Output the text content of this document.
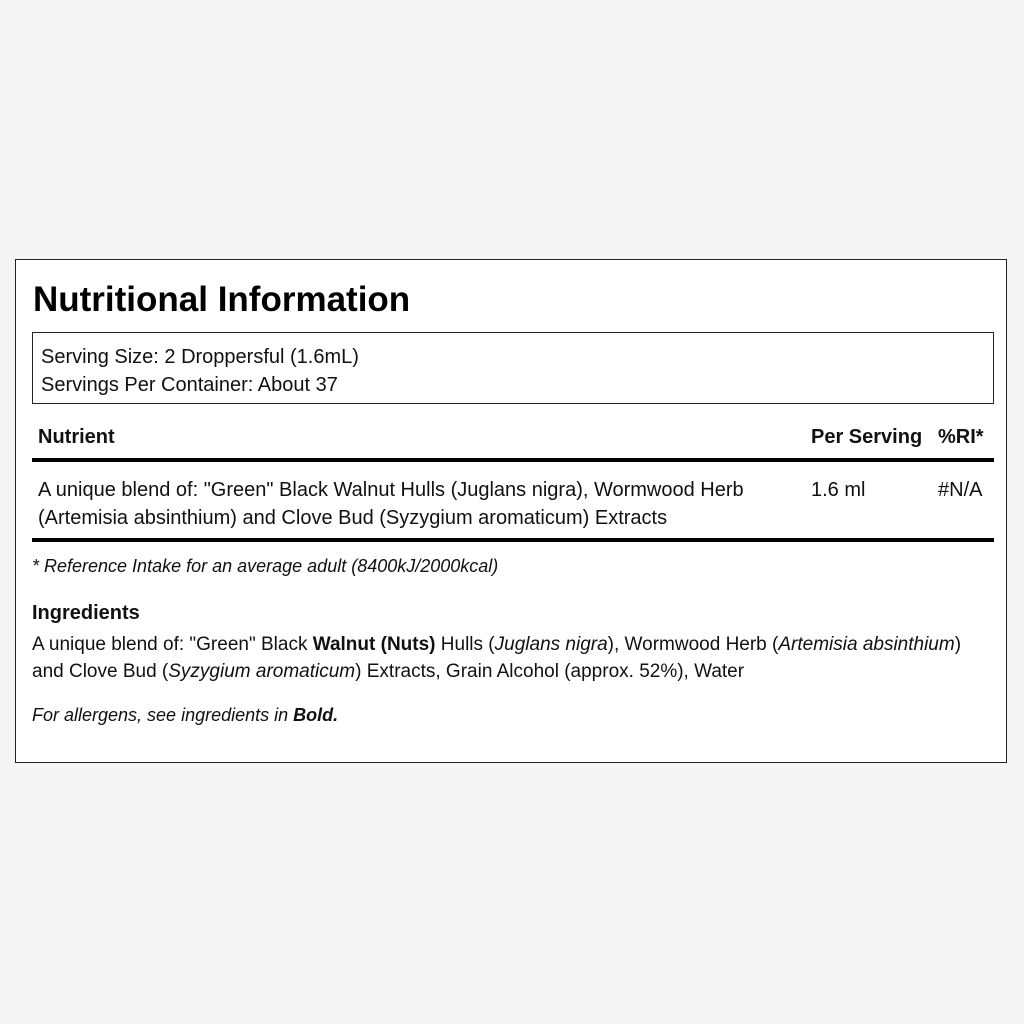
Nutritional Information
Serving Size: 2 Droppersful (1.6mL)
Servings Per Container: About 37
Nutrient	Per Serving %RI*
A unique blend of: "Green" Black Walnut Hulls (Juglans nigra), Wormwood Herb (Artemisia absinthium) and Clove Bud (Syzygium aromaticum) Extracts
1.6 ml	#N/A
* Reference Intake for an average adult (8400kJ/2000kcal)
Ingredients
A unique blend of: "Green" Black Walnut (Nuts) Hulls (Juglans nigra), Wormwood Herb (Artemisia absinthium) and Clove Bud (Syzygium aromaticum) Extracts, Grain Alcohol (approx. 52%), Water
For allergens, see ingredients in Bold.
